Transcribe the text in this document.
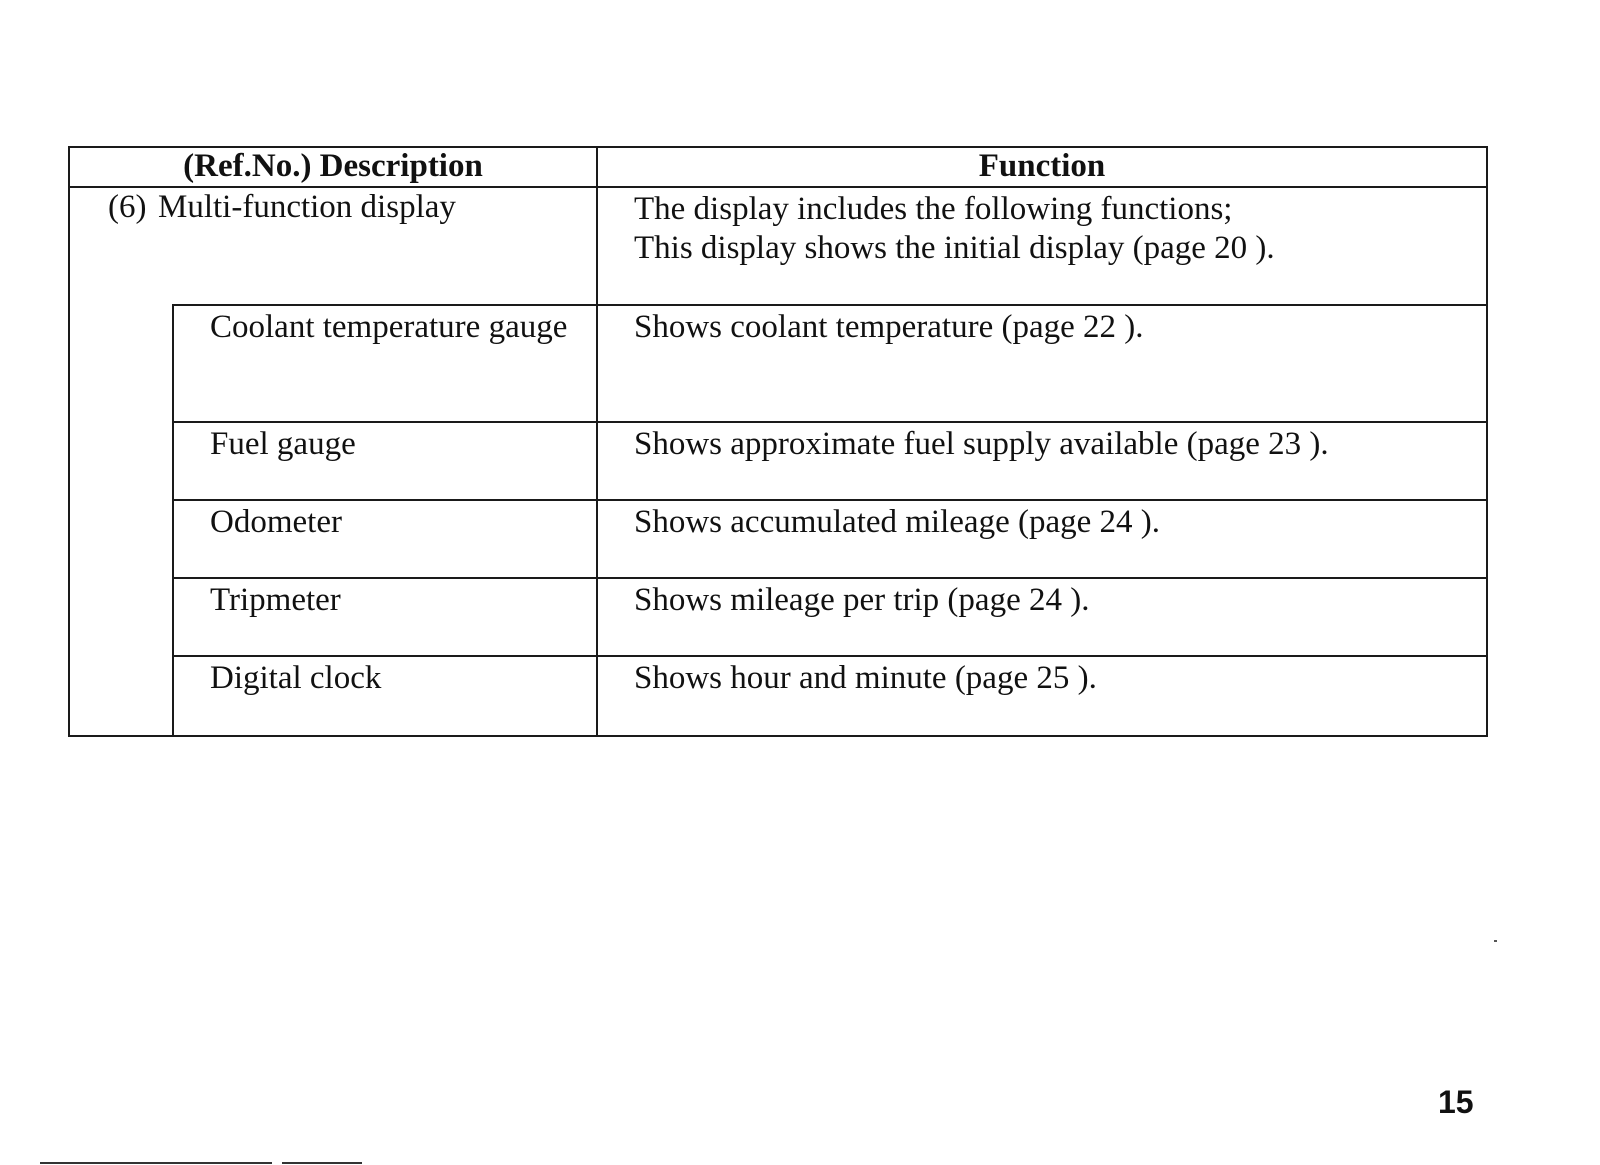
(Ref.No.) Description		Function
(6) Multi-function display		The display includes the following functions;
This display shows the initial display (page 20 ).

	Coolant temperature gauge	Shows coolant temperature (page 22 ).

	Fuel gauge	Shows approximate fuel supply available (page 23 ).

	Odometer	Shows accumulated mileage (page 24 ).

	Tripmeter	Shows mileage per trip (page 24 ).

	Digital clock	Shows hour and minute (page 25 ).
15
